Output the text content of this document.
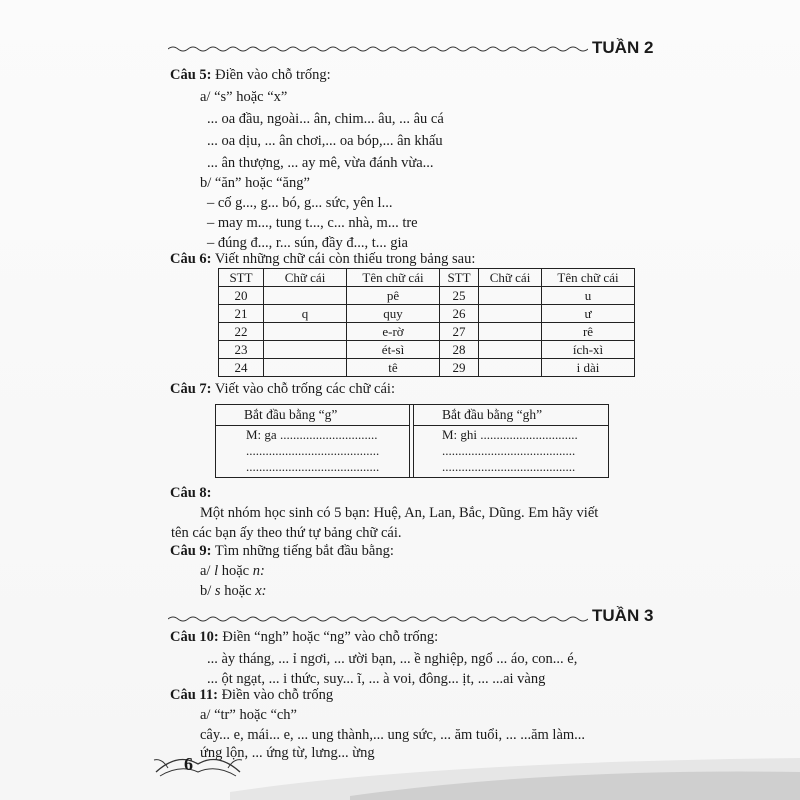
TUẦN 2
Câu 5: Điền vào chỗ trống:
a/ “s” hoặc “x”
... oa đầu, ngoài... ân, chim... âu, ... âu cá
... oa dịu, ... ân chơi,... oa bóp,... ân khấu
... ân thượng, ... ay mê, vừa đánh vừa...
b/ “ăn” hoặc “ăng”
– cố g..., g... bó, g... sức, yên l...
– may m..., tung t..., c... nhà, m... tre
– đúng đ..., r... sún, đầy đ..., t... gia
Câu 6: Viết những chữ cái còn thiếu trong bảng sau:
STT	Chữ cái	Tên chữ cái	STT	Chữ cái	Tên chữ cái
20		pê	25		u
21	q	quy	26		ư
22		e-rờ	27		rê
23		ét-sì	28		ích-xì
24		tê	29		i dài
Câu 7: Viết vào chỗ trống các chữ cái:
Bắt đầu bằng “g”
M: ga ..............................
.........................................
.........................................
Bắt đầu bằng “gh”
M: ghi ..............................
.........................................
.........................................
Câu 8:
Một nhóm học sinh có 5 bạn: Huệ, An, Lan, Bắc, Dũng. Em hãy viết
tên các bạn ấy theo thứ tự bảng chữ cái.
Câu 9: Tìm những tiếng bắt đầu bằng:
a/ l hoặc n:
b/ s hoặc x:
TUẦN 3
Câu 10: Điền “ngh” hoặc “ng” vào chỗ trống:
... ày tháng, ... ỉ ngơi, ... ười bạn, ... ề nghiệp, ngổ ... áo, con... é,
... ột ngạt, ... i thức, suy... ĩ, ... à voi, đông... ịt, ... ...ai vàng
Câu 11: Điền vào chỗ trống
a/ “tr” hoặc “ch”
cây... e, mái... e, ... ung thành,... ung sức, ... ăm tuổi, ... ...ăm làm...
ứng lộn, ... ứng từ, lưng... ừng
6
